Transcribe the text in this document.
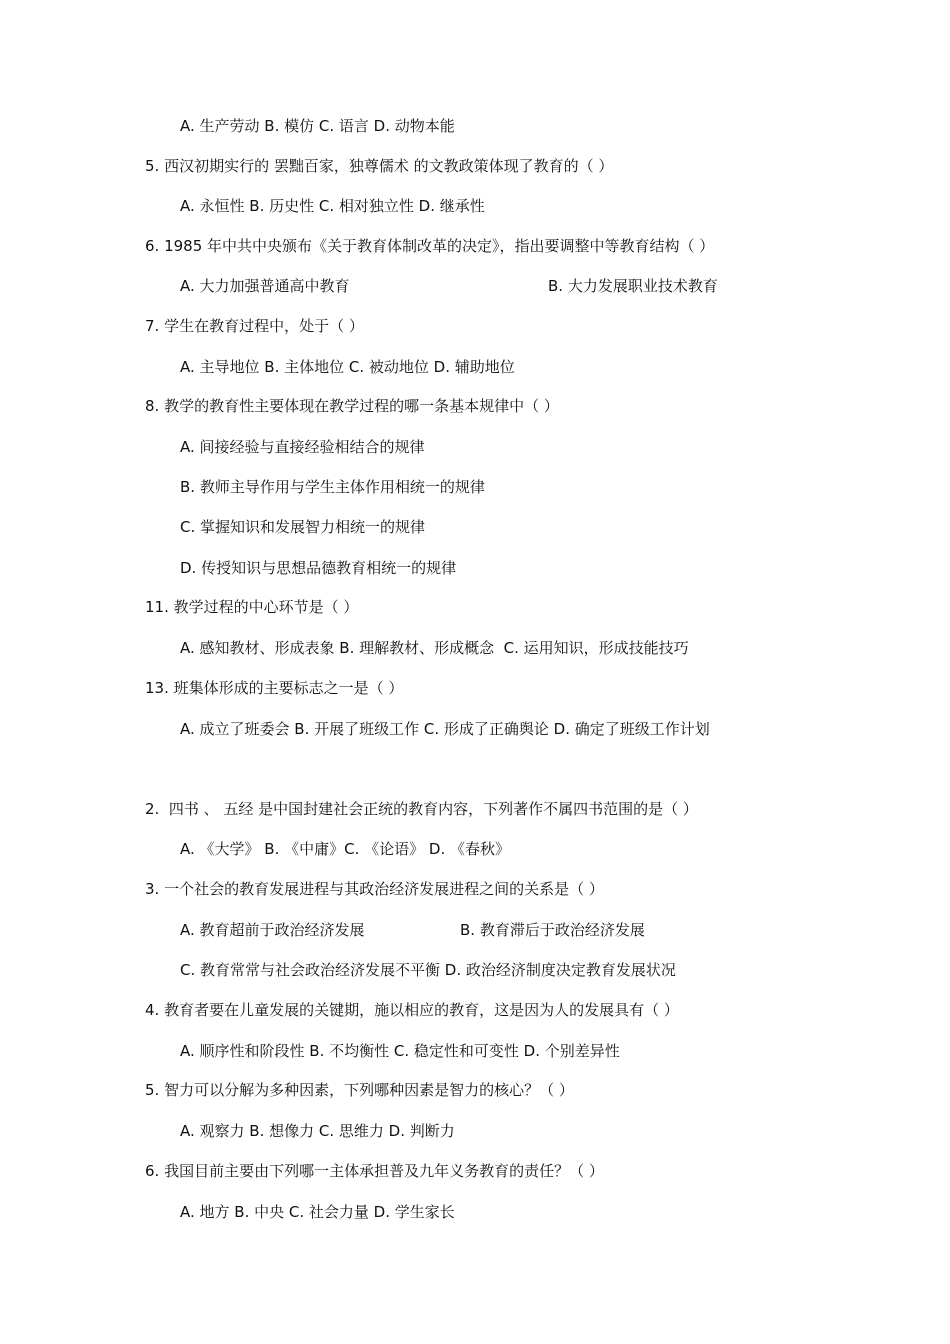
A. 生产劳动 B. 模仿 C. 语言 D. 动物本能
5. 西汉初期实行的 罢黜百家，独尊儒术 的文教政策体现了教育的（ ）
A. 永恒性 B. 历史性 C. 相对独立性 D. 继承性
6. 1985 年中共中央颁布《关于教育体制改革的决定》，指出要调整中等教育结构（ ）
A. 大力加强普通高中教育	B. 大力发展职业技术教育
7. 学生在教育过程中，处于（ ）
A. 主导地位 B. 主体地位 C. 被动地位 D. 辅助地位
8. 教学的教育性主要体现在教学过程的哪一条基本规律中（ ）
A. 间接经验与直接经验相结合的规律
B. 教师主导作用与学生主体作用相统一的规律
C. 掌握知识和发展智力相统一的规律
D. 传授知识与思想品德教育相统一的规律
11. 教学过程的中心环节是（ ）
A. 感知教材、形成表象 B. 理解教材、形成概念  C. 运用知识，形成技能技巧
13. 班集体形成的主要标志之一是（ ）
A. 成立了班委会 B. 开展了班级工作 C. 形成了正确舆论 D. 确定了班级工作计划
2.  四书 、 五经 是中国封建社会正统的教育内容，下列著作不属四书范围的是（ ）
A. 《大学》 B. 《中庸》C. 《论语》 D. 《春秋》
3. 一个社会的教育发展进程与其政治经济发展进程之间的关系是（ ）
A. 教育超前于政治经济发展	B. 教育滞后于政治经济发展
C. 教育常常与社会政治经济发展不平衡 D. 政治经济制度决定教育发展状况
4. 教育者要在儿童发展的关键期，施以相应的教育，这是因为人的发展具有（ ）
A. 顺序性和阶段性 B. 不均衡性 C. 稳定性和可变性 D. 个别差异性
5. 智力可以分解为多种因素，下列哪种因素是智力的核心？（ ）
A. 观察力 B. 想像力 C. 思维力 D. 判断力
6. 我国目前主要由下列哪一主体承担普及九年义务教育的责任？（ ）
A. 地方 B. 中央 C. 社会力量 D. 学生家长
